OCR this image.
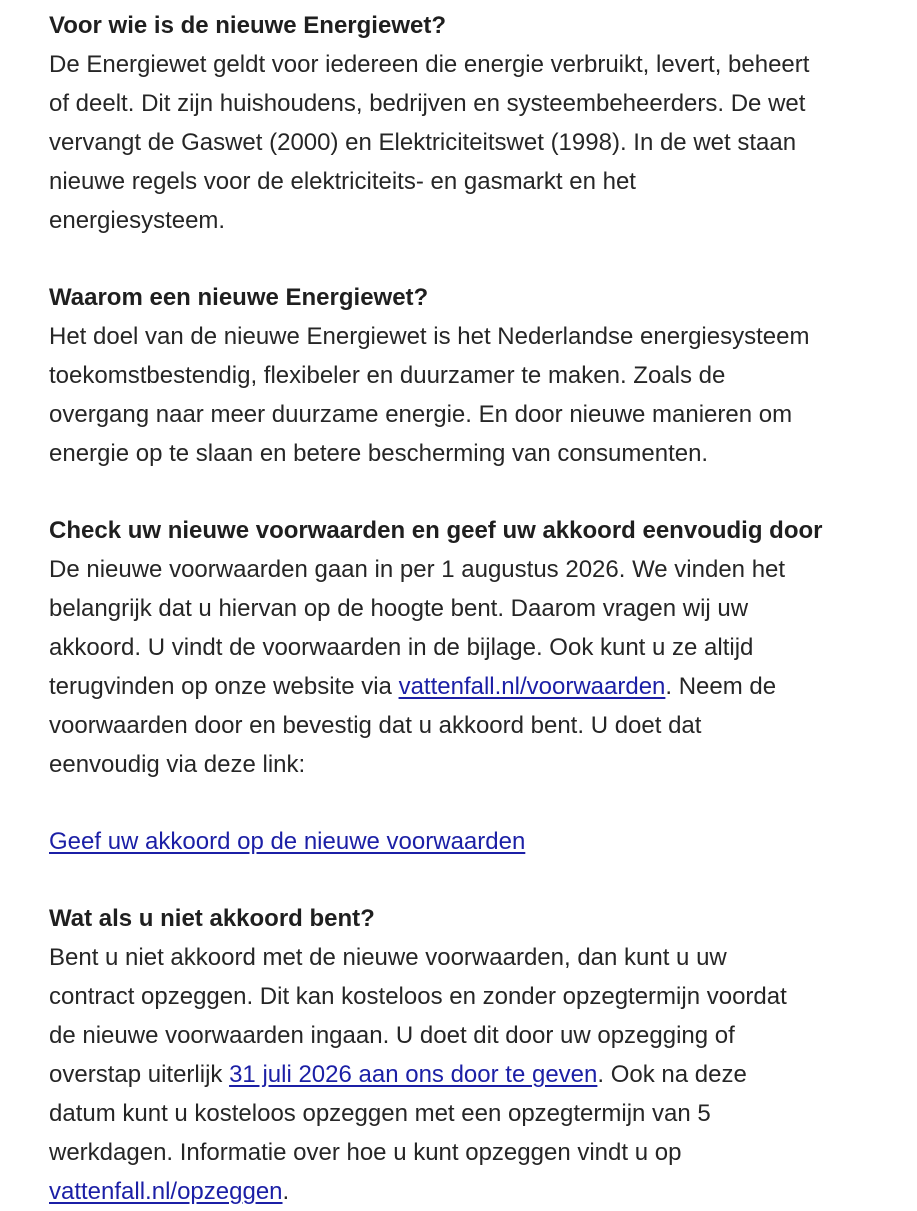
Voor wie is de nieuwe Energiewet?

De Energiewet geldt voor iedereen die energie verbruikt, levert, beheert

of deelt. Dit zijn huishoudens, bedrijven en systeembeheerders. De wet

vervangt de Gaswet (2000) en Elektriciteitswet (1998). In de wet staan

nieuwe regels voor de elektriciteits- en gasmarkt en het

energiesysteem.

Waarom een nieuwe Energiewet?

Het doel van de nieuwe Energiewet is het Nederlandse energiesysteem

toekomstbestendig, flexibeler en duurzamer te maken. Zoals de

overgang naar meer duurzame energie. En door nieuwe manieren om

energie op te slaan en betere bescherming van consumenten.

Check uw nieuwe voorwaarden en geef uw akkoord eenvoudig door

De nieuwe voorwaarden gaan in per 1 augustus 2026. We vinden het

belangrijk dat u hiervan op de hoogte bent. Daarom vragen wij uw

akkoord. U vindt de voorwaarden in de bijlage. Ook kunt u ze altijd

terugvinden op onze website via vattenfall.nl/voorwaarden. Neem de

voorwaarden door en bevestig dat u akkoord bent. U doet dat

eenvoudig via deze link:

Geef uw akkoord op de nieuwe voorwaarden

Wat als u niet akkoord bent?

Bent u niet akkoord met de nieuwe voorwaarden, dan kunt u uw

contract opzeggen. Dit kan kosteloos en zonder opzegtermijn voordat

de nieuwe voorwaarden ingaan. U doet dit door uw opzegging of

overstap uiterlijk 31 juli 2026 aan ons door te geven. Ook na deze

datum kunt u kosteloos opzeggen met een opzegtermijn van 5

werkdagen. Informatie over hoe u kunt opzeggen vindt u op

vattenfall.nl/opzeggen.
